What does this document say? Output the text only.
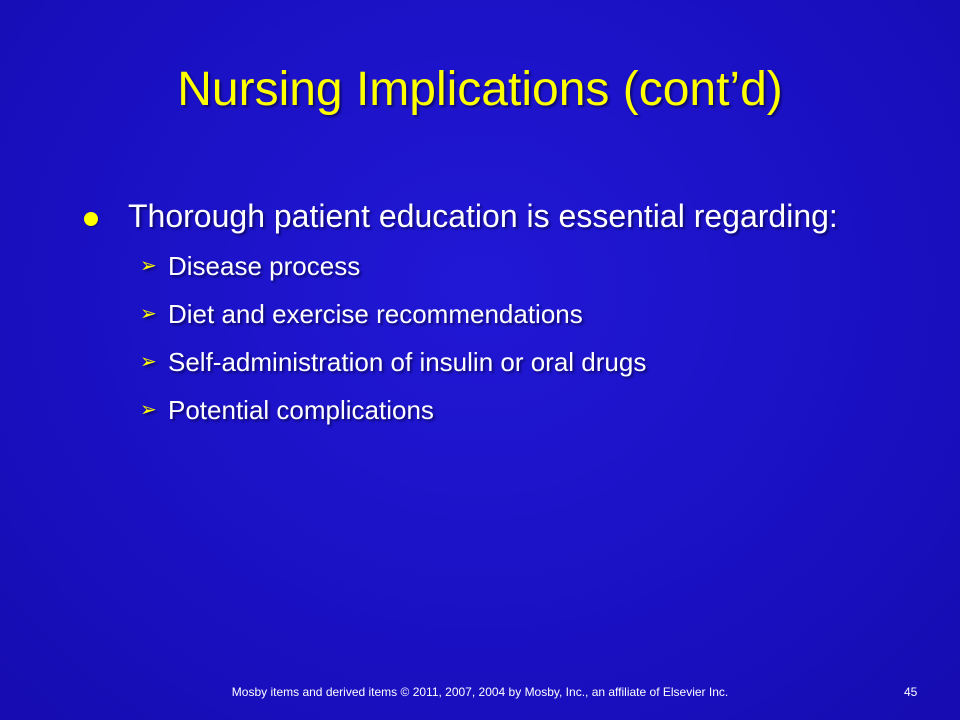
Nursing Implications (cont’d)
Thorough patient education is essential regarding:
➢ Disease process
➢ Diet and exercise recommendations
➢ Self-administration of insulin or oral drugs
➢ Potential complications
Mosby items and derived items © 2011, 2007, 2004 by Mosby, Inc., an affiliate of Elsevier Inc.	45
